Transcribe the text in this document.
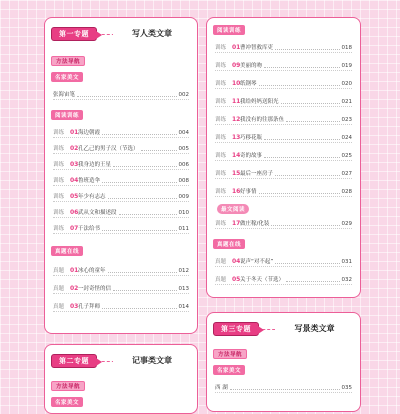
第一专题	写人类文章
方法导航
名家美文
张海宙笔	002
阅读训练
训练 01 海边朝霞	004
训练 02 孔乙己的男子汉（节选）	005
训练 03 我身边的王星	006
训练 04 鲁班造伞	008
训练 05 年少有志志	009
训练 06 武从文和描述段	010
训练 07 千法给书	011
真题在线
真题 01 冰心的童年	012
真题 02 一封奇怪的信	013
真题 03 孔子拜师	014
第二专题	记事类文章
方法导航
名家美文
阅读训练
训练 01 曹冲智救库吏	018
训练 09 美丽的吻	019
训练 10 纸钢琴	020
训练 11 我给妈妈送阳光	021
训练 12 我没有的往那条鱼	023
训练 13 巧移花瓶	024
训练 14 奇的故事	025
训练 15 最后一座房子	027
训练 16 好事情	028
最文阅读
训练 17 做庄稼/化装	029
真题在线
真题 04 说声“对不起”	031
真题 05 关于冬天（节选）	032
第三专题	写景类文章
方法导航
名家美文
西 湖	035
